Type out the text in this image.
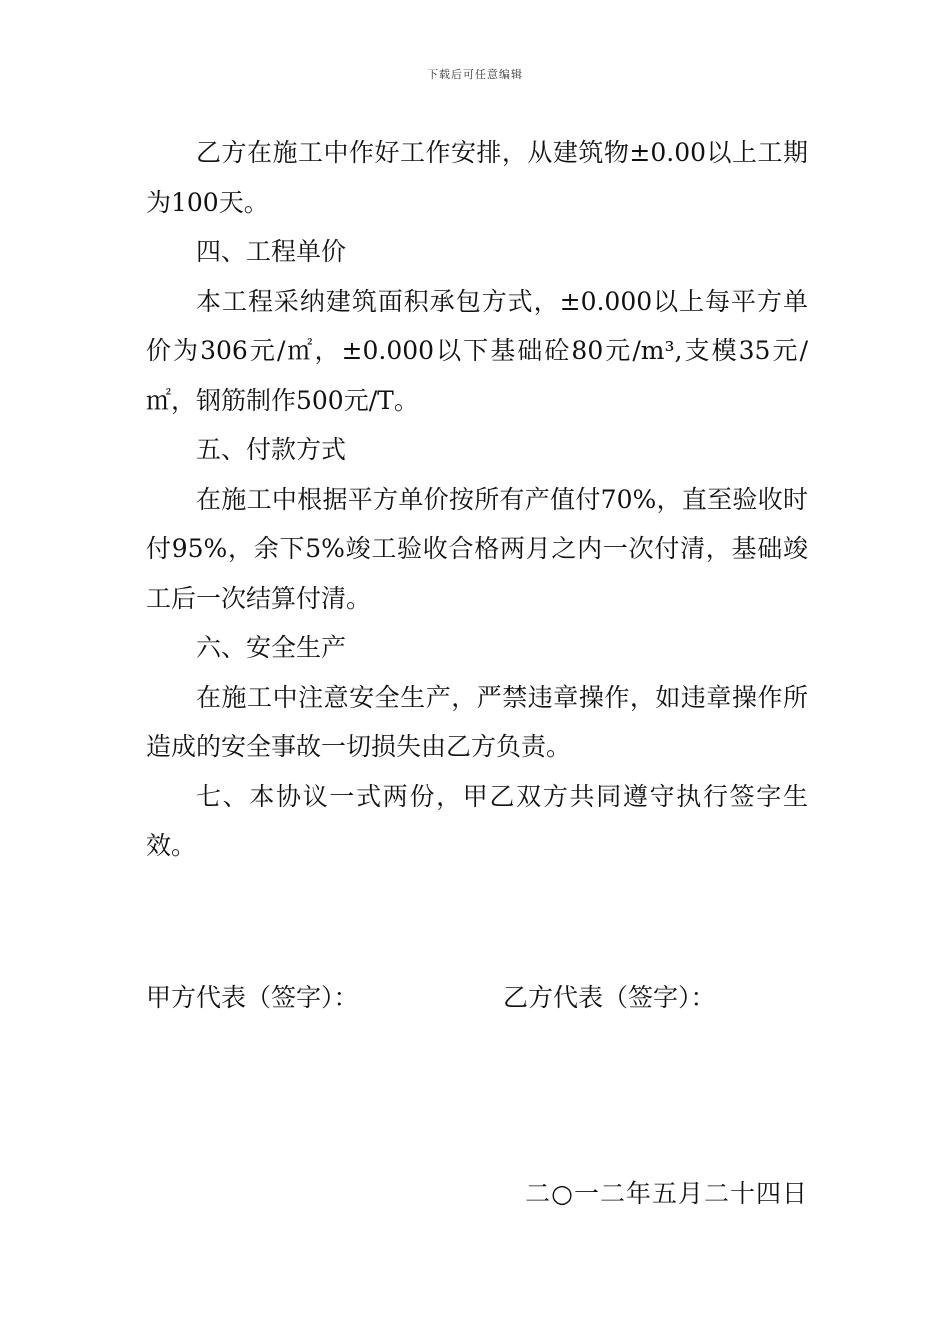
下载后可任意编辑

乙方在施工中作好工作安排，从建筑物±0.00以上工期为100天。

四、工程单价

本工程采纳建筑面积承包方式，±0.000以上每平方单价为306元/㎡，±0.000以下基础砼80元/m³,支模35元/㎡，钢筋制作500元/T。

五、付款方式

在施工中根据平方单价按所有产值付70%，直至验收时付95%，余下5%竣工验收合格两月之内一次付清，基础竣工后一次结算付清。

六、安全生产

在施工中注意安全生产，严禁违章操作，如违章操作所造成的安全事故一切损失由乙方负责。

七、本协议一式两份，甲乙双方共同遵守执行签字生效。

甲方代表（签字）：	乙方代表（签字）：
二○一二年五月二十四日
